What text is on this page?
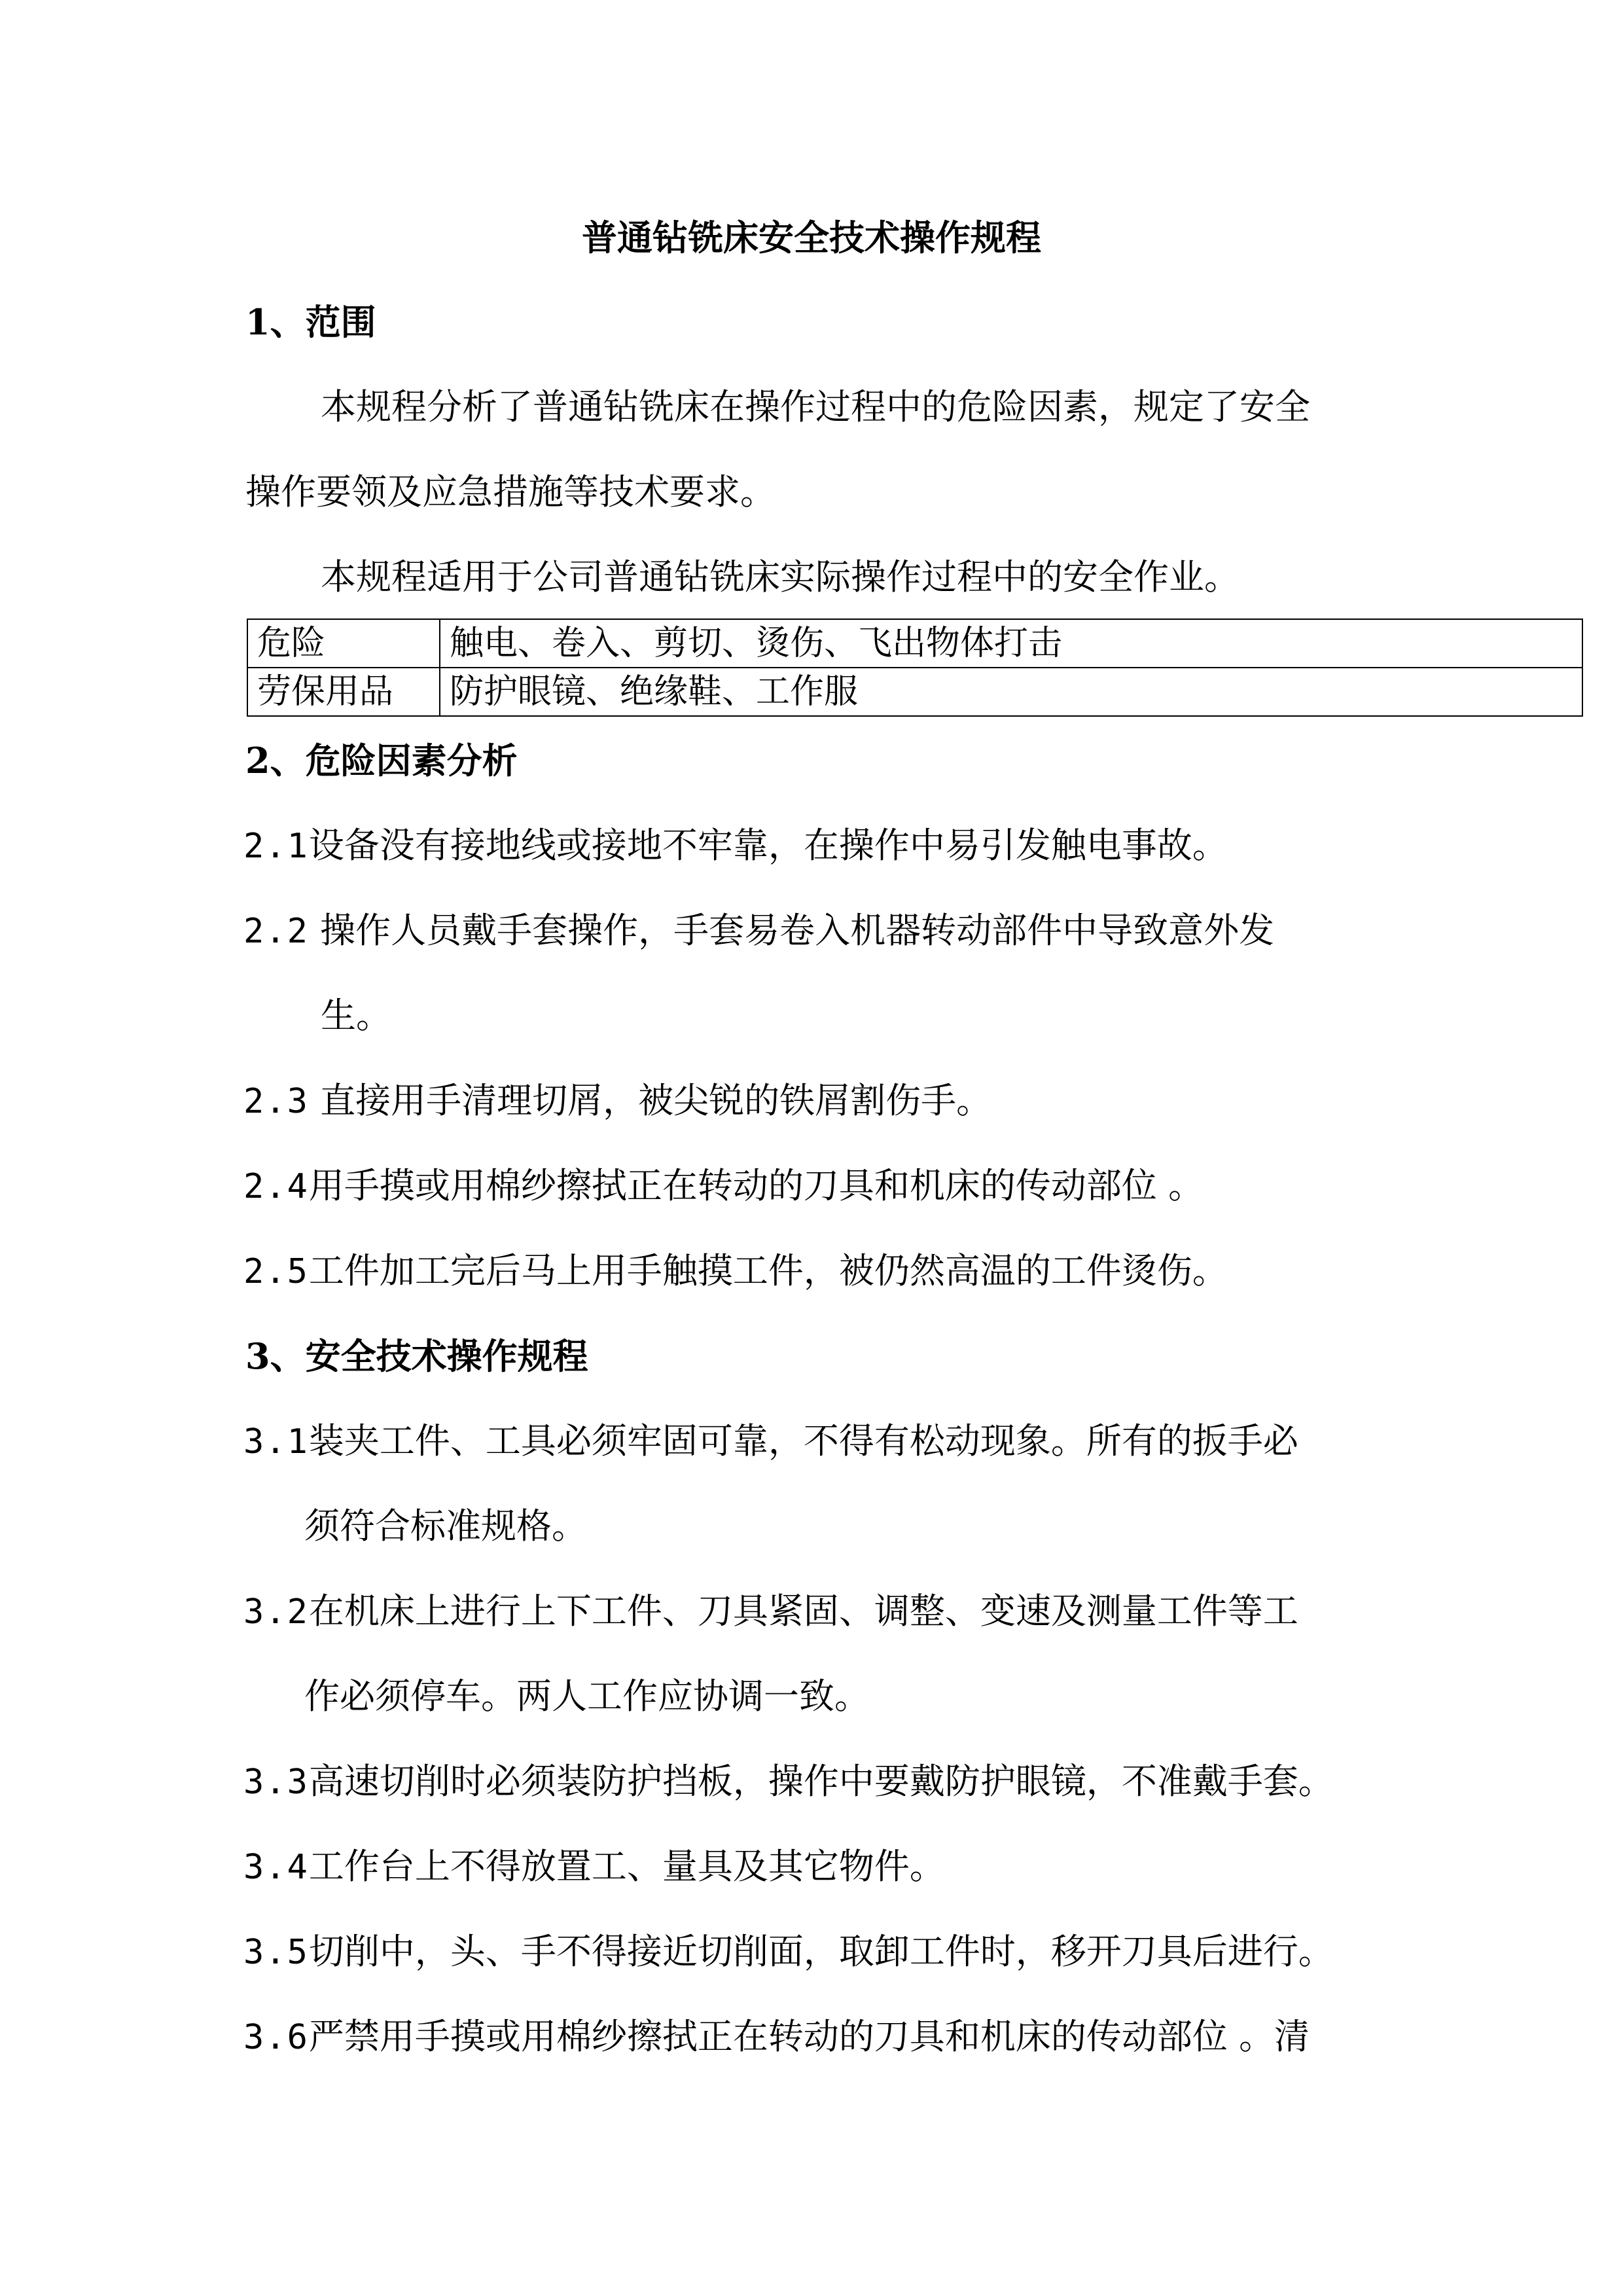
普通钻铣床安全技术操作规程
1、范围
本规程分析了普通钻铣床在操作过程中的危险因素，规定了安全
操作要领及应急措施等技术要求。
本规程适用于公司普通钻铣床实际操作过程中的安全作业。
危险	触电、卷入、剪切、烫伤、飞出物体打击
劳保用品	防护眼镜、绝缘鞋、工作服
2、危险因素分析
2.1设备没有接地线或接地不牢靠，在操作中易引发触电事故。
2.2 操作人员戴手套操作，手套易卷入机器转动部件中导致意外发
生。
2.3 直接用手清理切屑，被尖锐的铁屑割伤手。
2.4用手摸或用棉纱擦拭正在转动的刀具和机床的传动部位 。
2.5工件加工完后马上用手触摸工件，被仍然高温的工件烫伤。
3、安全技术操作规程
3.1装夹工件、工具必须牢固可靠，不得有松动现象。所有的扳手必
须符合标准规格。
3.2在机床上进行上下工件、刀具紧固、调整、变速及测量工件等工
作必须停车。两人工作应协调一致。
3.3高速切削时必须装防护挡板，操作中要戴防护眼镜，不准戴手套。
3.4工作台上不得放置工、量具及其它物件。
3.5切削中，头、手不得接近切削面，取卸工件时，移开刀具后进行。
3.6严禁用手摸或用棉纱擦拭正在转动的刀具和机床的传动部位 。清
